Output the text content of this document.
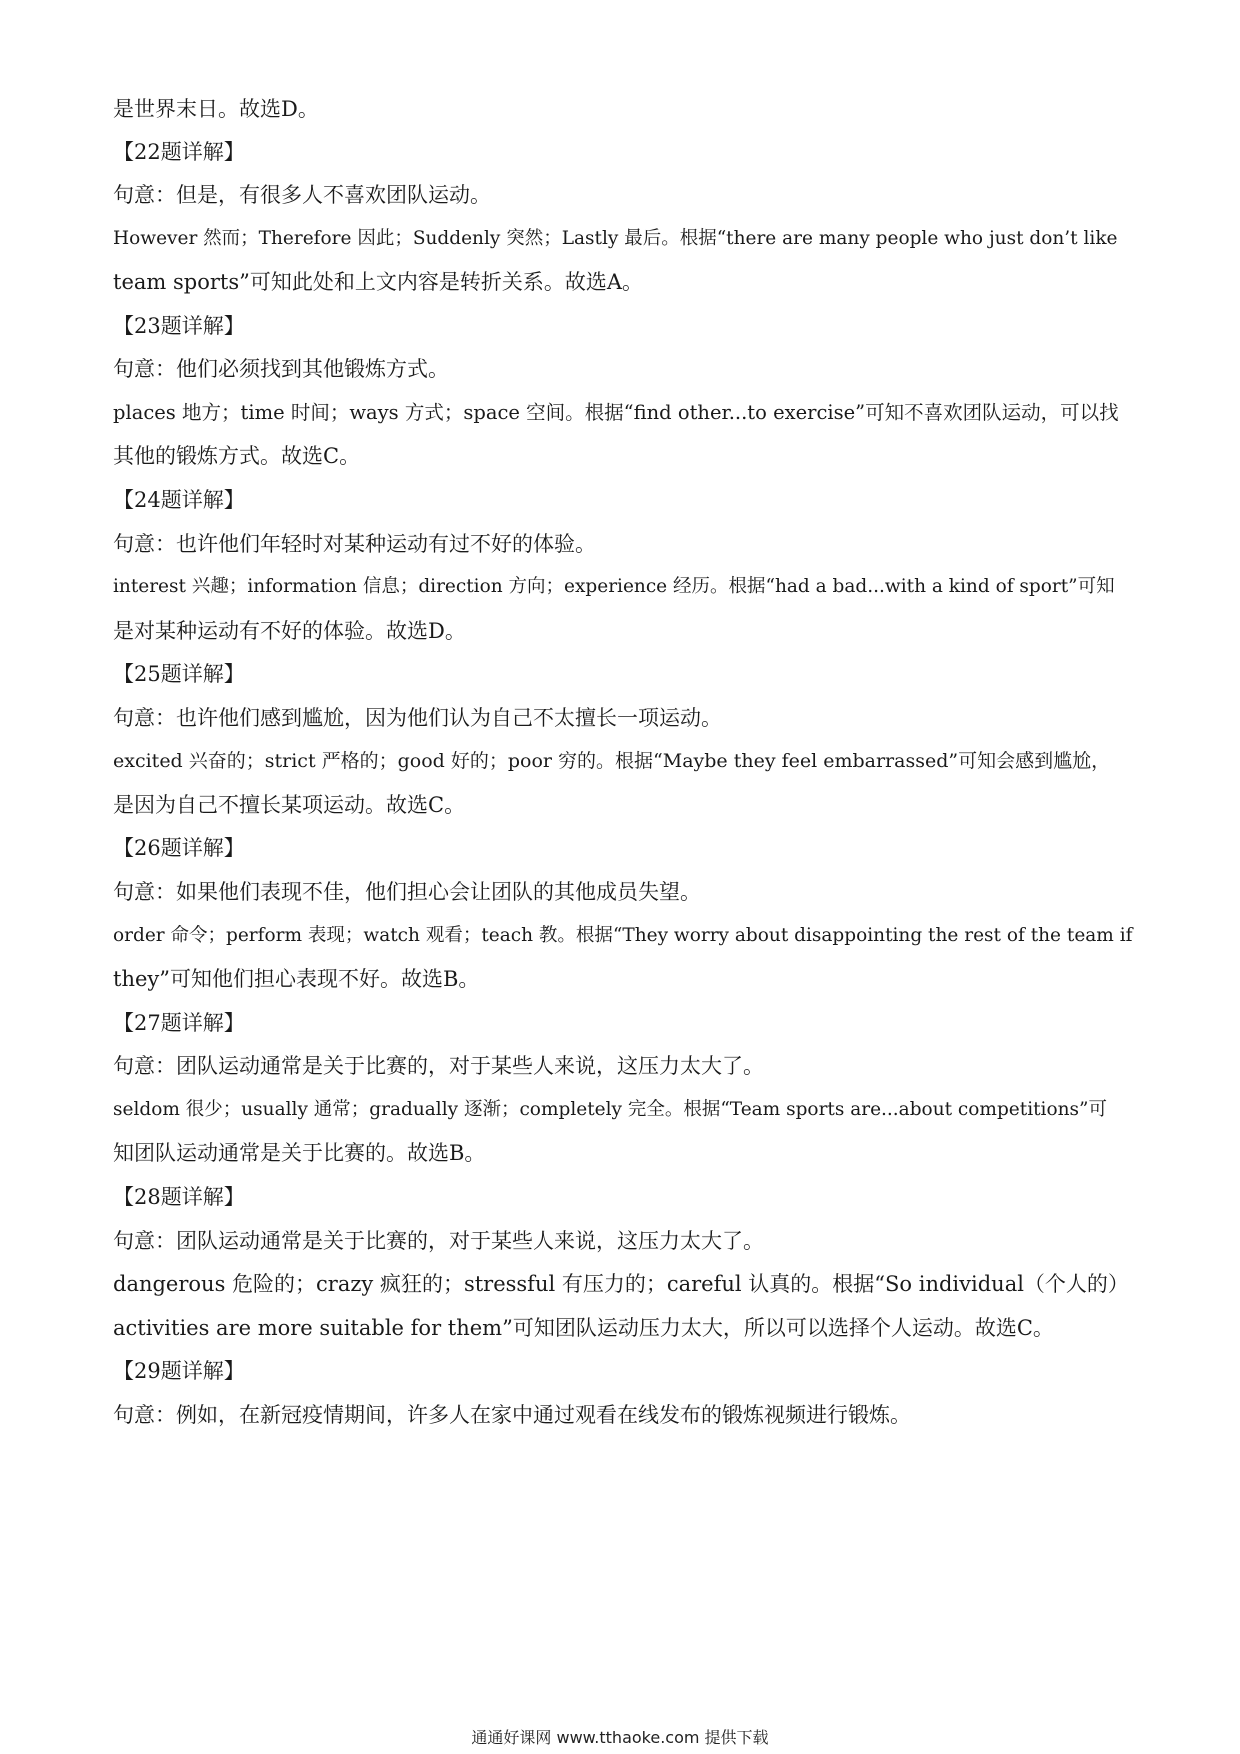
是世界末日。故选D。
【22题详解】
句意：但是，有很多人不喜欢团队运动。
However 然而；Therefore 因此；Suddenly 突然；Lastly 最后。根据“there are many people who just don’t like
team sports”可知此处和上文内容是转折关系。故选A。
【23题详解】
句意：他们必须找到其他锻炼方式。
places 地方；time 时间；ways 方式；space 空间。根据“find other...to exercise”可知不喜欢团队运动，可以找
其他的锻炼方式。故选C。
【24题详解】
句意：也许他们年轻时对某种运动有过不好的体验。
interest 兴趣；information 信息；direction 方向；experience 经历。根据“had a bad...with a kind of sport”可知
是对某种运动有不好的体验。故选D。
【25题详解】
句意：也许他们感到尴尬，因为他们认为自己不太擅长一项运动。
excited 兴奋的；strict 严格的；good 好的；poor 穷的。根据“Maybe they feel embarrassed”可知会感到尴尬，
是因为自己不擅长某项运动。故选C。
【26题详解】
句意：如果他们表现不佳，他们担心会让团队的其他成员失望。
order 命令；perform 表现；watch 观看；teach 教。根据“They worry about disappointing the rest of the team if
they”可知他们担心表现不好。故选B。
【27题详解】
句意：团队运动通常是关于比赛的，对于某些人来说，这压力太大了。
seldom 很少；usually 通常；gradually 逐渐；completely 完全。根据“Team sports are...about competitions”可
知团队运动通常是关于比赛的。故选B。
【28题详解】
句意：团队运动通常是关于比赛的，对于某些人来说，这压力太大了。
dangerous 危险的；crazy 疯狂的；stressful 有压力的；careful 认真的。根据“So individual（个人的）
activities are more suitable for them”可知团队运动压力太大，所以可以选择个人运动。故选C。
【29题详解】
句意：例如，在新冠疫情期间，许多人在家中通过观看在线发布的锻炼视频进行锻炼。
通通好课网 www.tthaoke.com 提供下载
